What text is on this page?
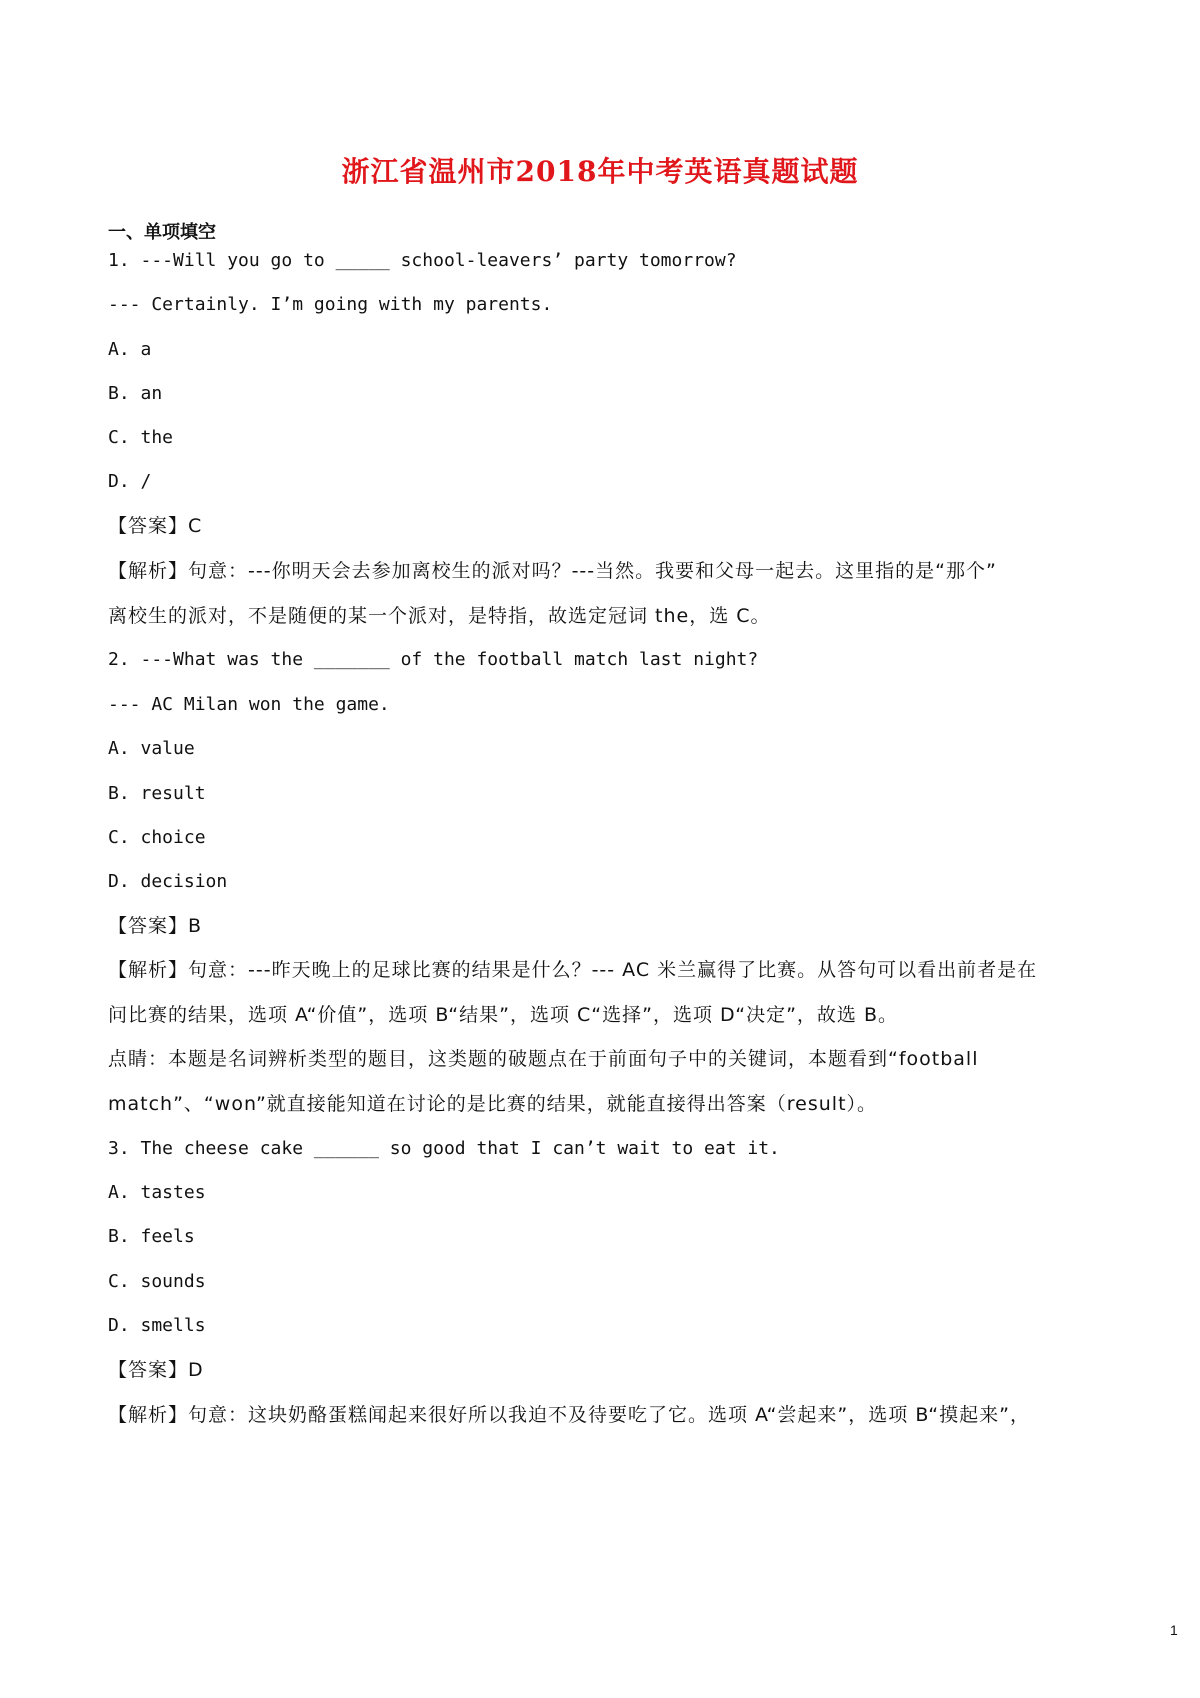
浙江省温州市2018年中考英语真题试题
一、单项填空
1. ---Will you go to _____ school-leavers’ party tomorrow?
--- Certainly. I’m going with my parents.
A. a
B. an
C. the
D. /
【答案】C
【解析】句意：---你明天会去参加离校生的派对吗？---当然。我要和父母一起去。这里指的是“那个”
离校生的派对，不是随便的某一个派对，是特指，故选定冠词 the，选 C。
2. ---What was the _______ of the football match last night?
--- AC Milan won the game.
A. value
B. result
C. choice
D. decision
【答案】B
【解析】句意：---昨天晚上的足球比赛的结果是什么？--- AC 米兰赢得了比赛。从答句可以看出前者是在
问比赛的结果，选项 A“价值”，选项 B“结果”，选项 C“选择”，选项 D“决定”，故选 B。
点睛：本题是名词辨析类型的题目，这类题的破题点在于前面句子中的关键词，本题看到“football
match”、“won”就直接能知道在讨论的是比赛的结果，就能直接得出答案（result）。
3. The cheese cake ______ so good that I can’t wait to eat it.
A. tastes
B. feels
C. sounds
D. smells
【答案】D
【解析】句意：这块奶酪蛋糕闻起来很好所以我迫不及待要吃了它。选项 A“尝起来”，选项 B“摸起来”，
1
